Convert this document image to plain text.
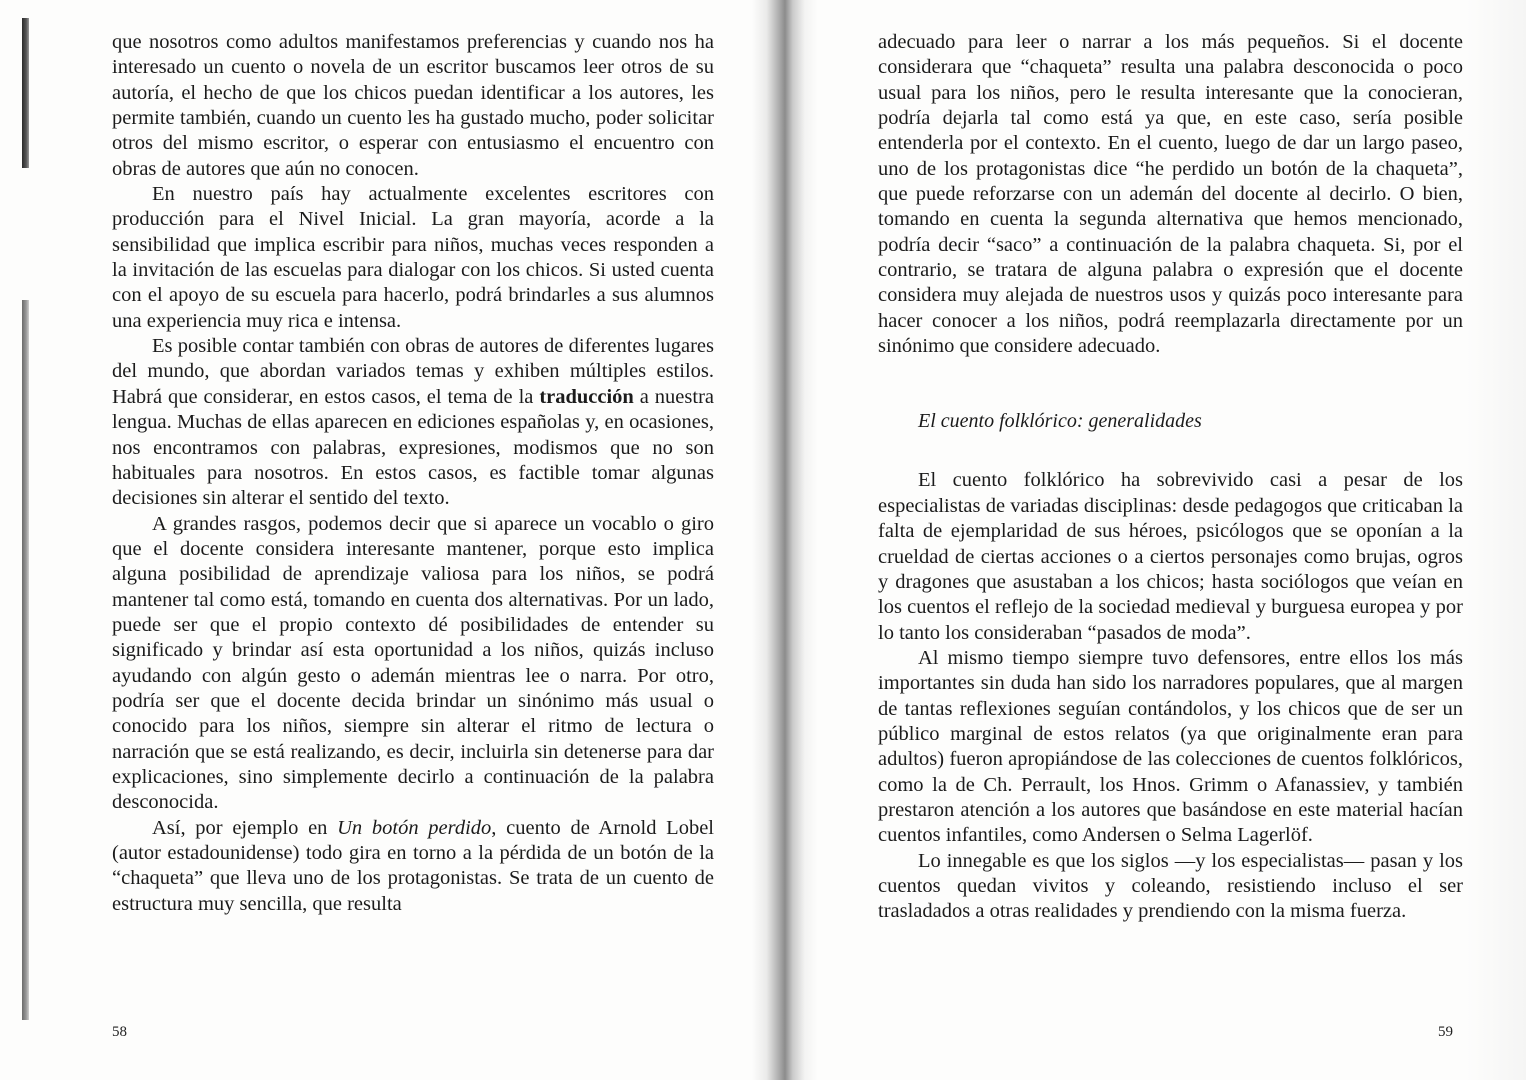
que nosotros como adultos manifestamos preferencias y cuando nos ha interesado un cuento o novela de un escritor buscamos leer otros de su autoría, el hecho de que los chicos puedan identificar a los autores, les permite también, cuando un cuento les ha gustado mucho, poder solicitar otros del mismo escritor, o esperar con entusiasmo el encuentro con obras de autores que aún no conocen.

En nuestro país hay actualmente excelentes escritores con producción para el Nivel Inicial. La gran mayoría, acorde a la sensibilidad que implica escribir para niños, muchas veces responden a la invitación de las escuelas para dialogar con los chicos. Si usted cuenta con el apoyo de su escuela para hacerlo, podrá brindarles a sus alumnos una experiencia muy rica e intensa.

Es posible contar también con obras de autores de diferentes lugares del mundo, que abordan variados temas y exhiben múltiples estilos. Habrá que considerar, en estos casos, el tema de la traducción a nuestra lengua. Muchas de ellas aparecen en ediciones españolas y, en ocasiones, nos encontramos con palabras, expresiones, modismos que no son habituales para nosotros. En estos casos, es factible tomar algunas decisiones sin alterar el sentido del texto.

A grandes rasgos, podemos decir que si aparece un vocablo o giro que el docente considera interesante mantener, porque esto implica alguna posibilidad de aprendizaje valiosa para los niños, se podrá mantener tal como está, tomando en cuenta dos alternativas. Por un lado, puede ser que el propio contexto dé posibilidades de entender su significado y brindar así esta oportunidad a los niños, quizás incluso ayudando con algún gesto o ademán mientras lee o narra. Por otro, podría ser que el docente decida brindar un sinónimo más usual o conocido para los niños, siempre sin alterar el ritmo de lectura o narración que se está realizando, es decir, incluirla sin detenerse para dar explicaciones, sino simplemente decirlo a continuación de la palabra desconocida.

Así, por ejemplo en Un botón perdido, cuento de Arnold Lobel (autor estadounidense) todo gira en torno a la pérdida de un botón de la “chaqueta” que lleva uno de los protagonistas. Se trata de un cuento de estructura muy sencilla, que resulta

58

adecuado para leer o narrar a los más pequeños. Si el docente considerara que “chaqueta” resulta una palabra desconocida o poco usual para los niños, pero le resulta interesante que la conocieran, podría dejarla tal como está ya que, en este caso, sería posible entenderla por el contexto. En el cuento, luego de dar un largo paseo, uno de los protagonistas dice “he perdido un botón de la chaqueta”, que puede reforzarse con un ademán del docente al decirlo. O bien, tomando en cuenta la segunda alternativa que hemos mencionado, podría decir “saco” a continuación de la palabra chaqueta. Si, por el contrario, se tratara de alguna palabra o expresión que el docente considera muy alejada de nuestros usos y quizás poco interesante para hacer conocer a los niños, podrá reemplazarla directamente por un sinónimo que considere adecuado.

El cuento folklórico: generalidades

El cuento folklórico ha sobrevivido casi a pesar de los especialistas de variadas disciplinas: desde pedagogos que criticaban la falta de ejemplaridad de sus héroes, psicólogos que se oponían a la crueldad de ciertas acciones o a ciertos personajes como brujas, ogros y dragones que asustaban a los chicos; hasta sociólogos que veían en los cuentos el reflejo de la sociedad medieval y burguesa europea y por lo tanto los consideraban “pasados de moda”.

Al mismo tiempo siempre tuvo defensores, entre ellos los más importantes sin duda han sido los narradores populares, que al margen de tantas reflexiones seguían contándolos, y los chicos que de ser un público marginal de estos relatos (ya que originalmente eran para adultos) fueron apropiándose de las colecciones de cuentos folklóricos, como la de Ch. Perrault, los Hnos. Grimm o Afanassiev, y también prestaron atención a los autores que basándose en este material hacían cuentos infantiles, como Andersen o Selma Lagerlöf.

Lo innegable es que los siglos —y los especialistas— pasan y los cuentos quedan vivitos y coleando, resistiendo incluso el ser trasladados a otras realidades y prendiendo con la misma fuerza.

59
